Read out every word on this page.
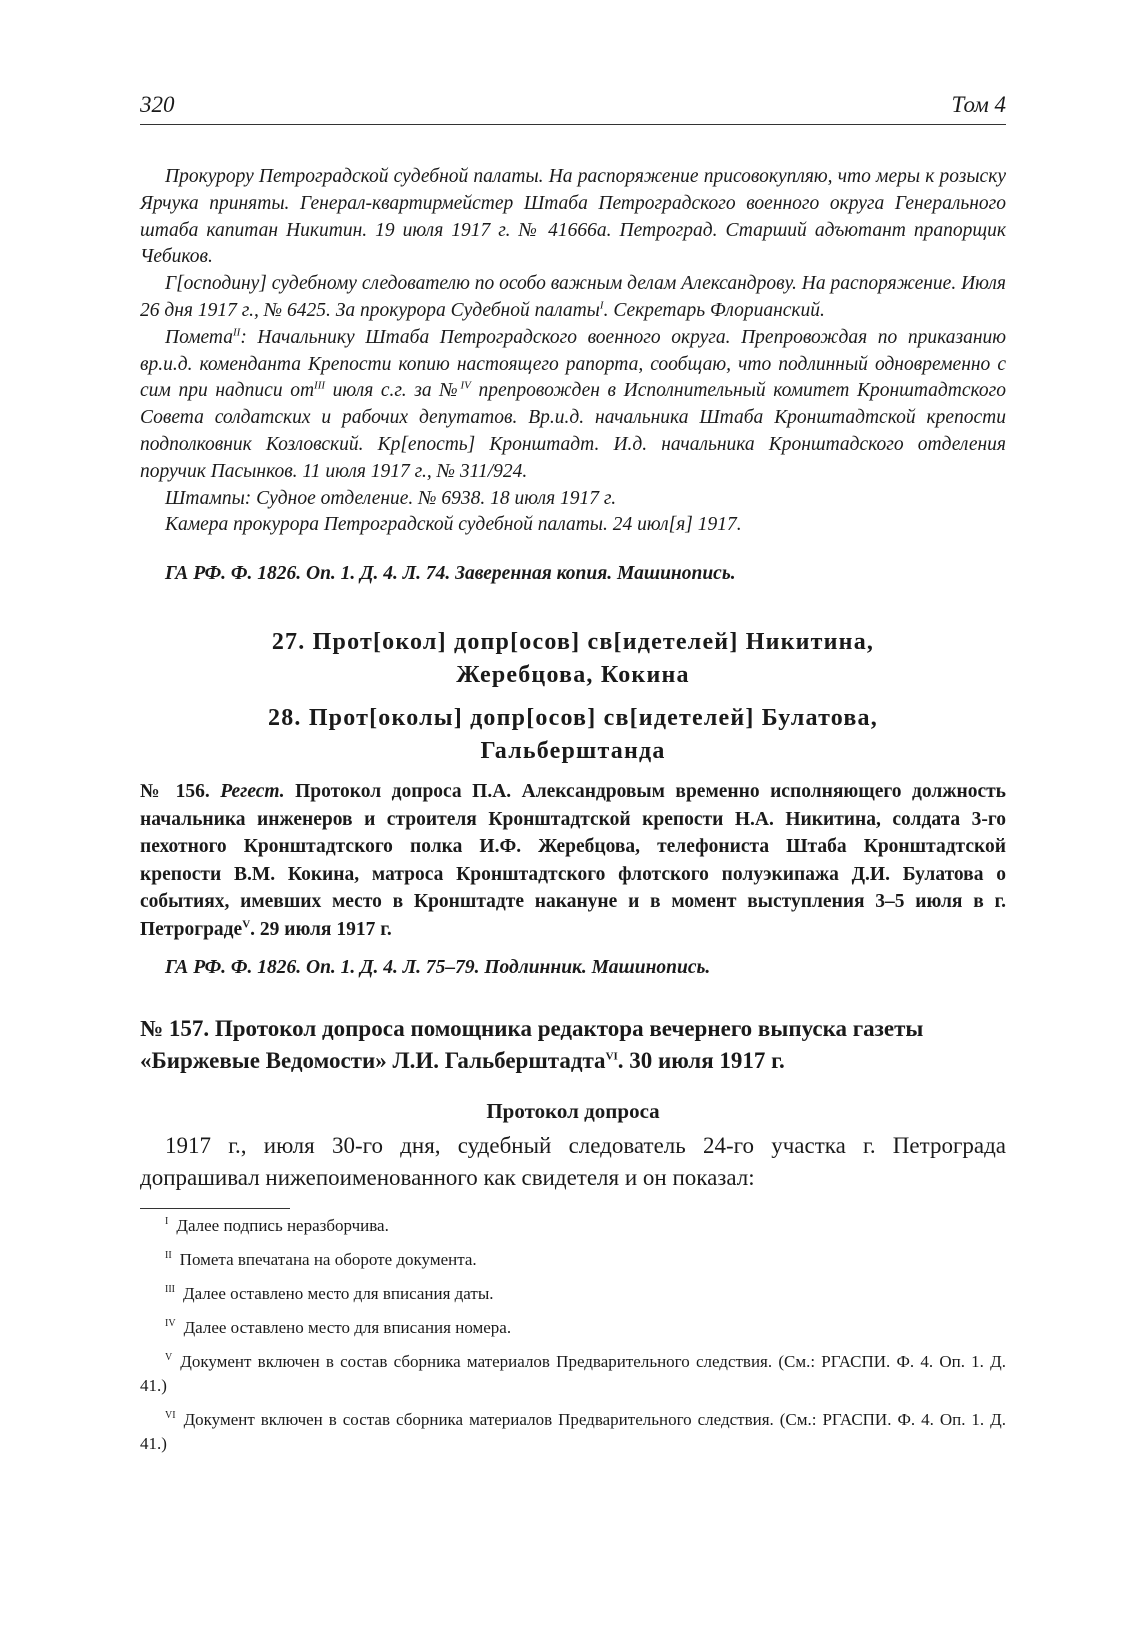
320	Том 4

Прокурору Петроградской судебной палаты. На распоряжение присовокупляю, что меры к розыску Ярчука приняты. Генерал-квартирмейстер Штаба Петроградского военного округа Генерального штаба капитан Никитин. 19 июля 1917 г. № 41666а. Петроград. Старший адъютант прапорщик Чебиков.

Г[осподину] судебному следователю по особо важным делам Александрову. На распоряжение. Июля 26 дня 1917 г., № 6425. За прокурора Судебной палаты$^I$. Секретарь Флорианский.

Помета$^{II}$: Начальнику Штаба Петроградского военного округа. Препровождая по приказанию вр.и.д. коменданта Крепости копию настоящего рапорта, сообщаю, что подлинный одновременно с сим при надписи $от^{III}$ июля с.г. за №$^{IV}$ препровожден в Исполнительный комитет Кронштадтского Совета солдатских и рабочих депутатов. Вр.и.д. начальника Штаба Кронштадтской крепости подполковник Козловский. Кр[епость] Кронштадт. И.д. начальника Кронштадского отделения поручик Пасынков. 11 июля 1917 г., № 311/924.

Штампы: Судное отделение. № 6938. 18 июля 1917 г.

Камера прокурора Петроградской судебной палаты. 24 июл[я] 1917.

ГА РФ. Ф. 1826. Оп. 1. Д. 4. Л. 74. Заверенная копия. Машинопись.

27. Прот[окол] допр[осов] св[идетелей] Никитина,
Жеребцова, Кокина
28. Прот[околы] допр[осов] св[идетелей] Булатова,
Гальберштанда

№ 156. Регест. Протокол допроса П.А. Александровым временно исполняющего должность начальника инженеров и строителя Кронштадтской крепости Н.А. Никитина, солдата 3-го пехотного Кронштадтского полка И.Ф. Жеребцова, телефониста Штаба Кронштадтской крепости В.М. Кокина, матроса Кронштадтского флотского полуэкипажа Д.И. Булатова о событиях, имевших место в Кронштадте накануне и в момент выступления 3–5 июля в г. Петрограде$^V$. 29 июля 1917 г.

ГА РФ. Ф. 1826. Оп. 1. Д. 4. Л. 75–79. Подлинник. Машинопись.

№ 157. Протокол допроса помощника редактора вечернего выпуска газеты «Биржевые Ведомости» Л.И. Гальберштадта$^{VI}$. 30 июля 1917 г.
Протокол допроса

1917 г., июля 30-го дня, судебный следователь 24-го участка г. Петрограда допрашивал нижепоименованного как свидетеля и он показал:

$^I$ Далее подпись неразборчива.

$^{II}$ Помета впечатана на обороте документа.

$^{III}$ Далее оставлено место для вписания даты.

$^{IV}$ Далее оставлено место для вписания номера.

$^V$ Документ включен в состав сборника материалов Предварительного следствия. (См.: РГАСПИ. Ф. 4. Оп. 1. Д. 41.)

$^{VI}$ Документ включен в состав сборника материалов Предварительного следствия. (См.: РГАСПИ. Ф. 4. Оп. 1. Д. 41.)
